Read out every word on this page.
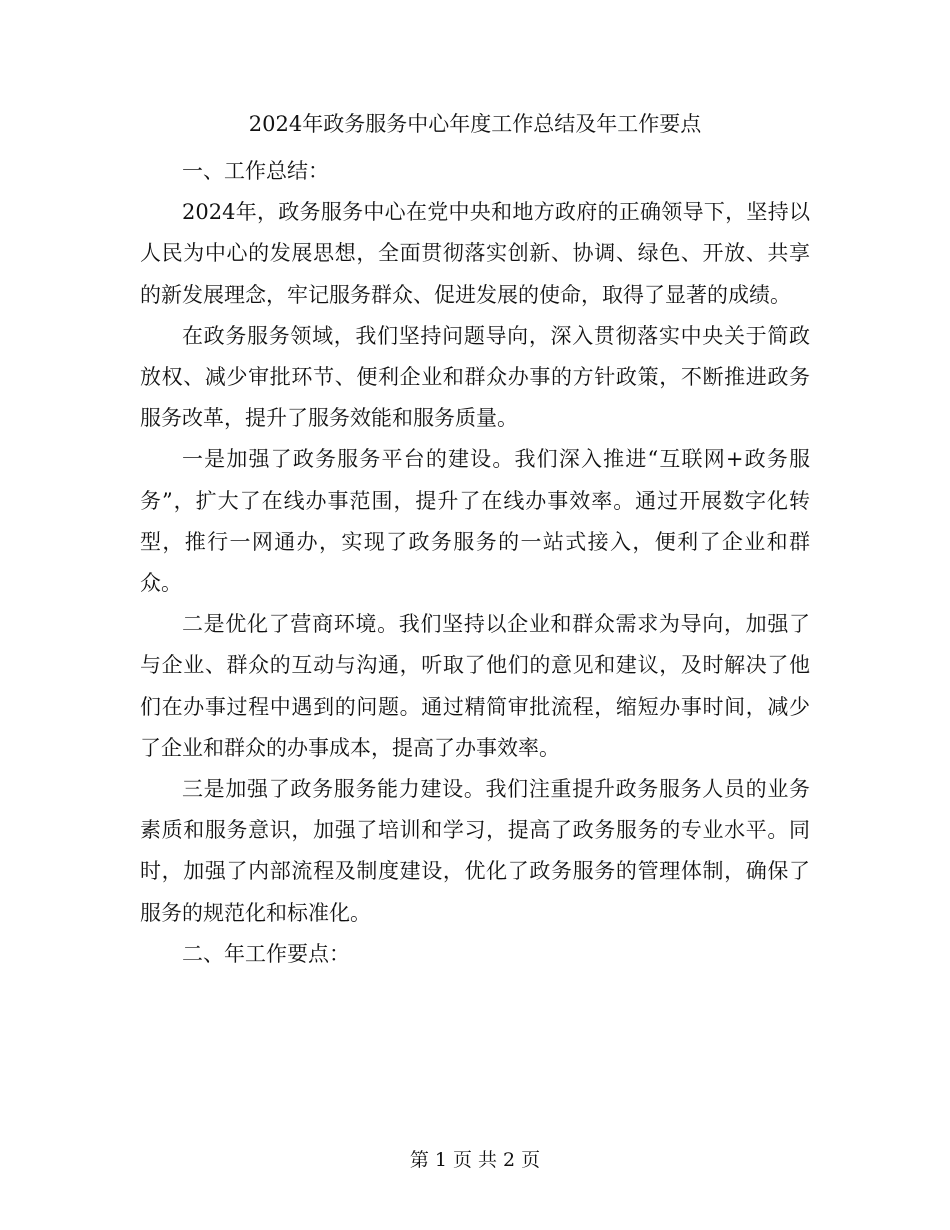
2024年政务服务中心年度工作总结及年工作要点

一、工作总结：

2024年，政务服务中心在党中央和地方政府的正确领导下，坚持以人民为中心的发展思想，全面贯彻落实创新、协调、绿色、开放、共享的新发展理念，牢记服务群众、促进发展的使命，取得了显著的成绩。

在政务服务领域，我们坚持问题导向，深入贯彻落实中央关于简政放权、减少审批环节、便利企业和群众办事的方针政策，不断推进政务服务改革，提升了服务效能和服务质量。

一是加强了政务服务平台的建设。我们深入推进“互联网+政务服务”，扩大了在线办事范围，提升了在线办事效率。通过开展数字化转型，推行一网通办，实现了政务服务的一站式接入，便利了企业和群众。

二是优化了营商环境。我们坚持以企业和群众需求为导向，加强了与企业、群众的互动与沟通，听取了他们的意见和建议，及时解决了他们在办事过程中遇到的问题。通过精简审批流程，缩短办事时间，减少了企业和群众的办事成本，提高了办事效率。

三是加强了政务服务能力建设。我们注重提升政务服务人员的业务素质和服务意识，加强了培训和学习，提高了政务服务的专业水平。同时，加强了内部流程及制度建设，优化了政务服务的管理体制，确保了服务的规范化和标准化。

二、年工作要点：

第 1 页 共 2 页
